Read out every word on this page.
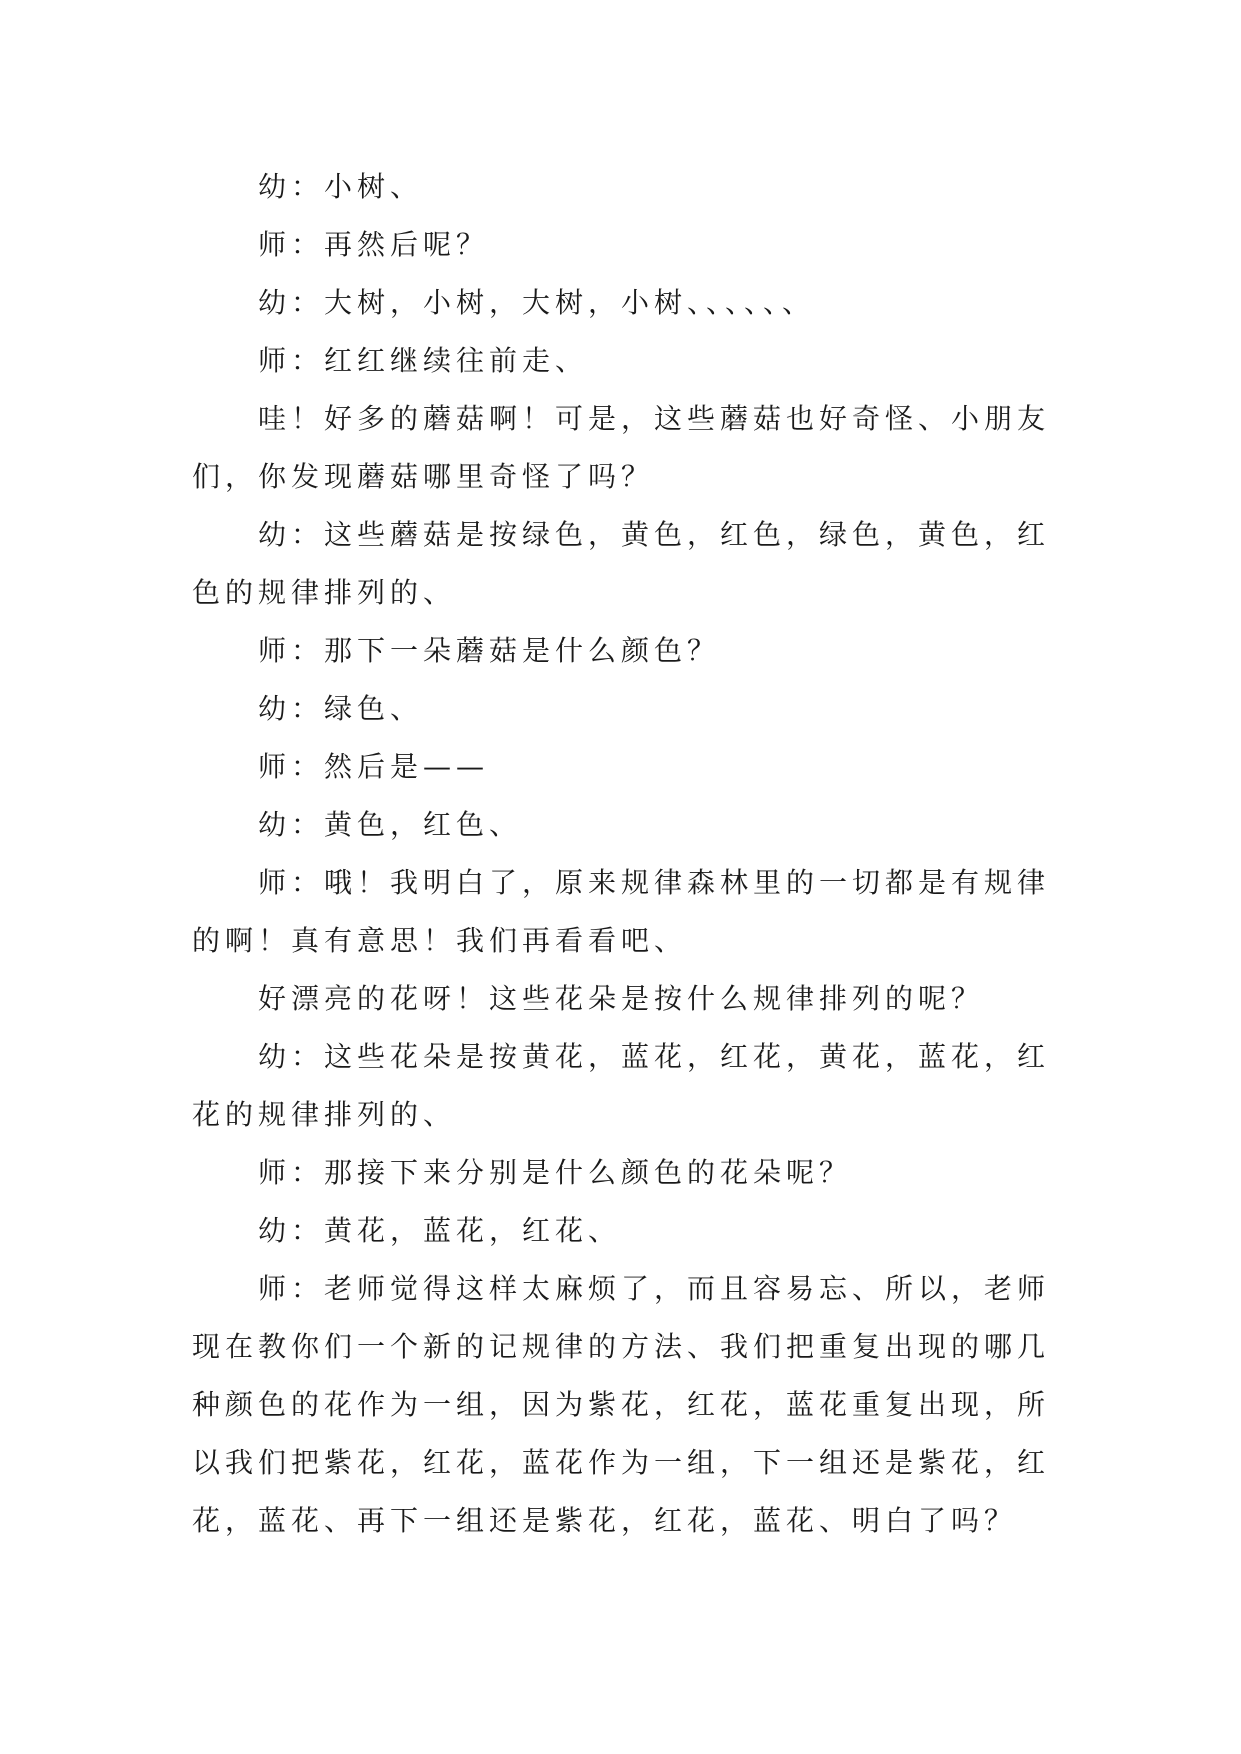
幼：小树、

师：再然后呢？

幼：大树，小树，大树，小树、、、、、、

师：红红继续往前走、

哇！好多的蘑菇啊！可是，这些蘑菇也好奇怪、小朋友们，你发现蘑菇哪里奇怪了吗？

幼：这些蘑菇是按绿色，黄色，红色，绿色，黄色，红色的规律排列的、

师：那下一朵蘑菇是什么颜色？

幼：绿色、

师：然后是——

幼：黄色，红色、

师：哦！我明白了，原来规律森林里的一切都是有规律的啊！真有意思！我们再看看吧、

好漂亮的花呀！这些花朵是按什么规律排列的呢？

幼：这些花朵是按黄花，蓝花，红花，黄花，蓝花，红花的规律排列的、

师：那接下来分别是什么颜色的花朵呢？

幼：黄花，蓝花，红花、

师：老师觉得这样太麻烦了，而且容易忘、所以，老师现在教你们一个新的记规律的方法、我们把重复出现的哪几种颜色的花作为一组，因为紫花，红花，蓝花重复出现，所以我们把紫花，红花，蓝花作为一组，下一组还是紫花，红花，蓝花、再下一组还是紫花，红花，蓝花、明白了吗？
